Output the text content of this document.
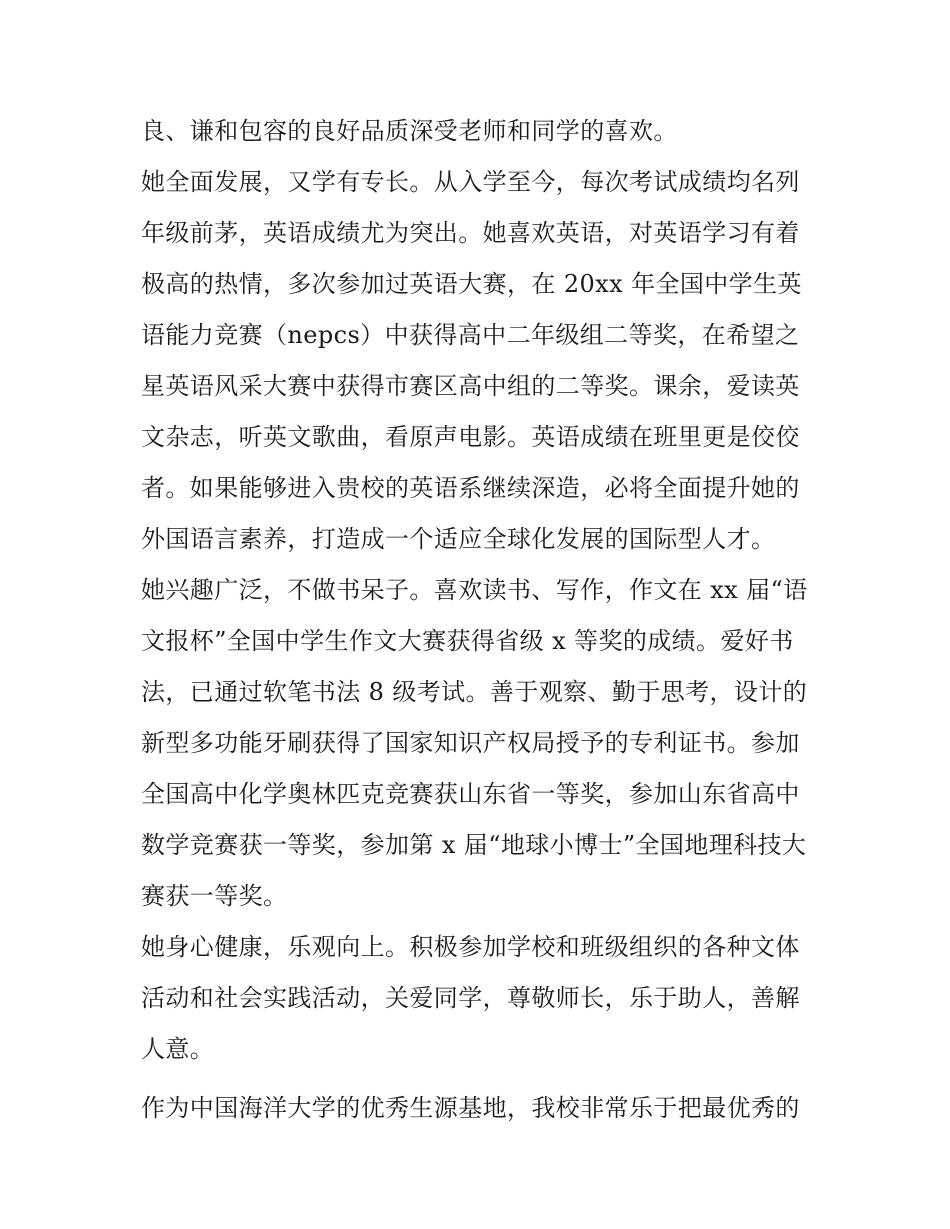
良、谦和包容的良好品质深受老师和同学的喜欢。
她全面发展，又学有专长。从入学至今，每次考试成绩均名列
年级前茅，英语成绩尤为突出。她喜欢英语，对英语学习有着
极高的热情，多次参加过英语大赛，在 20xx 年全国中学生英
语能力竞赛（nepcs）中获得高中二年级组二等奖，在希望之
星英语风采大赛中获得市赛区高中组的二等奖。课余，爱读英
文杂志，听英文歌曲，看原声电影。英语成绩在班里更是佼佼
者。如果能够进入贵校的英语系继续深造，必将全面提升她的
外国语言素养，打造成一个适应全球化发展的国际型人才。
她兴趣广泛，不做书呆子。喜欢读书、写作，作文在 xx 届“语
文报杯”全国中学生作文大赛获得省级 x 等奖的成绩。爱好书
法，已通过软笔书法 8 级考试。善于观察、勤于思考，设计的
新型多功能牙刷获得了国家知识产权局授予的专利证书。参加
全国高中化学奥林匹克竞赛获山东省一等奖，参加山东省高中
数学竞赛获一等奖，参加第 x 届“地球小博士”全国地理科技大
赛获一等奖。
她身心健康，乐观向上。积极参加学校和班级组织的各种文体
活动和社会实践活动，关爱同学，尊敬师长，乐于助人，善解
人意。
作为中国海洋大学的优秀生源基地，我校非常乐于把最优秀的
